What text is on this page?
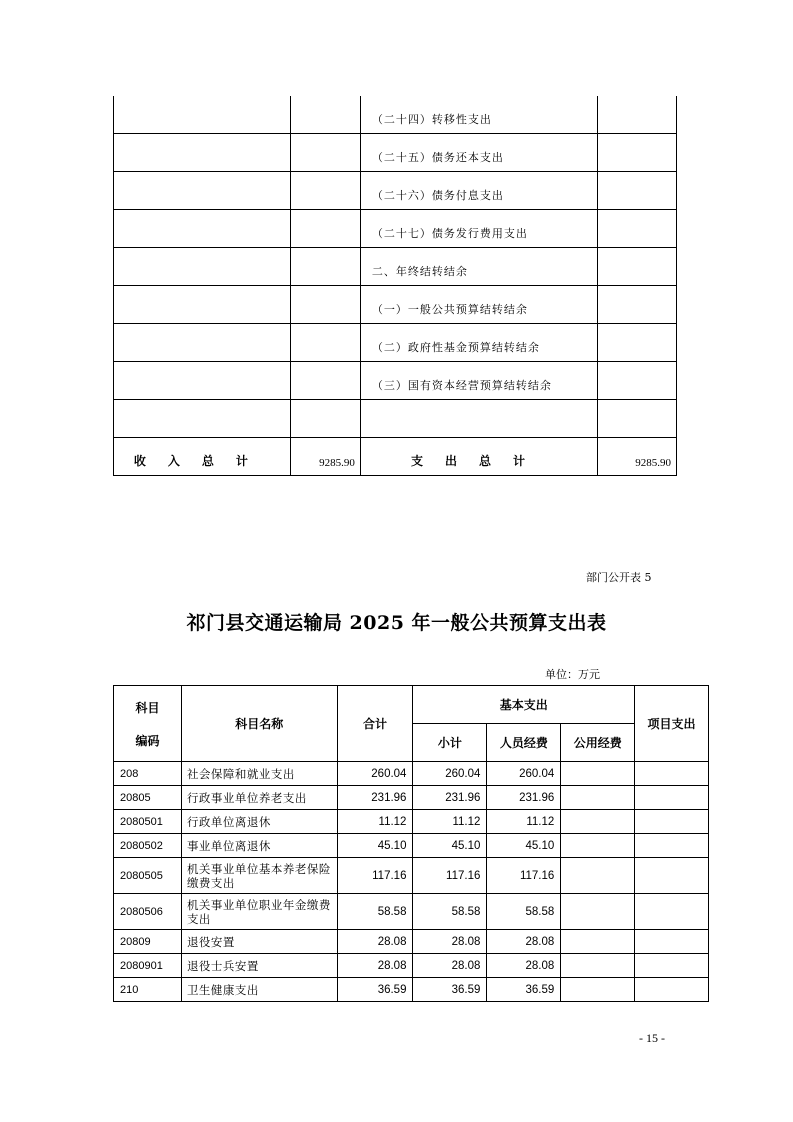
		（二十四）转移性支出	
		（二十五）债务还本支出	
		（二十六）债务付息支出	
		（二十七）债务发行费用支出	
		二、年终结转结余	
		（一）一般公共预算结转结余	
		（二）政府性基金预算结转结余	
		（三）国有资本经营预算结转结余	

收入总计	9285.90	支出总计	9285.90
部门公开表 5
祁门县交通运输局 2025 年一般公共预算支出表
单位：万元
科目
编码	科目名称	合计	基本支出			项目支出
			小计	人员经费	公用经费	
208	社会保障和就业支出	260.04	260.04	260.04		
20805	行政事业单位养老支出	231.96	231.96	231.96		
2080501	行政单位离退休	11.12	11.12	11.12		
2080502	事业单位离退休	45.10	45.10	45.10		
2080505	机关事业单位基本养老保险缴费支出	117.16	117.16	117.16		
2080506	机关事业单位职业年金缴费支出	58.58	58.58	58.58		
20809	退役安置	28.08	28.08	28.08		
2080901	退役士兵安置	28.08	28.08	28.08		
210	卫生健康支出	36.59	36.59	36.59		
- 15 -
